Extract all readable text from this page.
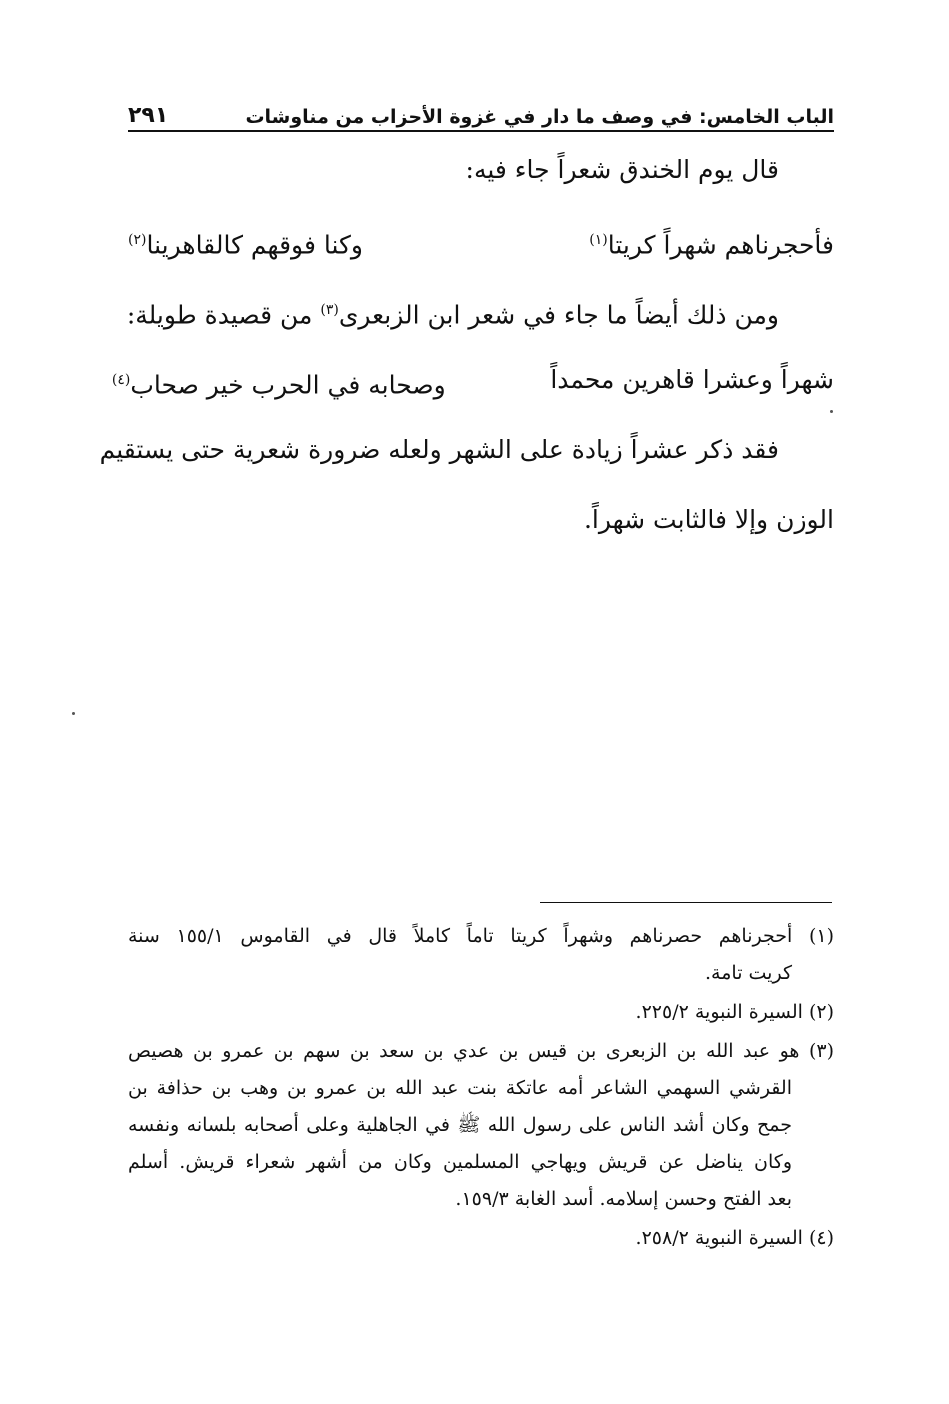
الباب الخامس: في وصف ما دار في غزوة الأحزاب من مناوشات
٢٩١
قال يوم الخندق شعراً جاء فيه:
فأحجرناهم شهراً كريتا$^{(١)}$
وكنا فوقهم كالقاهرينا$^{(٢)}$
ومن ذلك أيضاً ما جاء في شعر ابن الزبعرى$^{(٣)}$ من قصيدة طويلة:
شهراً وعشرا قاهرين محمداً
وصحابه في الحرب خير صحاب$^{(٤)}$
فقد ذكر عشراً زيادة على الشهر ولعله ضرورة شعرية حتى يستقيم
الوزن وإلا فالثابت شهراً.

(١) أحجرناهم حصرناهم وشهراً كريتا تاماً كاملاً قال في القاموس ١٥٥/١ سنة

كريت تامة.

(٢) السيرة النبوية ٢٢٥/٢.

(٣) هو عبد الله بن الزبعرى بن قيس بن عدي بن سعد بن سهم بن عمرو بن هصيص

القرشي السهمي الشاعر أمه عاتكة بنت عبد الله بن عمرو بن وهب بن حذافة بن

جمح وكان أشد الناس على رسول الله ﷺ في الجاهلية وعلى أصحابه بلسانه ونفسه

وكان يناضل عن قريش ويهاجي المسلمين وكان من أشهر شعراء قريش. أسلم

بعد الفتح وحسن إسلامه. أسد الغابة ١٥٩/٣.

(٤) السيرة النبوية ٢٥٨/٢.
